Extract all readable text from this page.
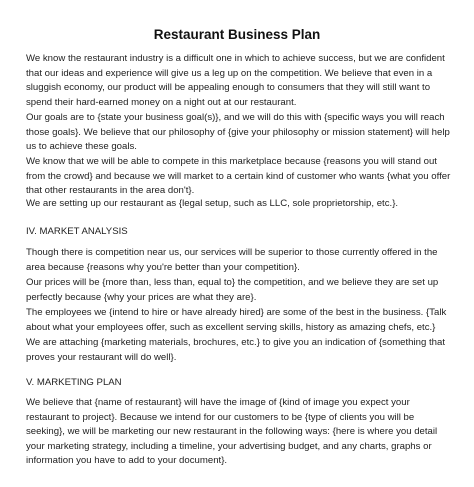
Restaurant Business Plan
We know the restaurant industry is a difficult one in which to achieve success, but we are confident
that our ideas and experience will give us a leg up on the competition. We believe that even in a
sluggish economy, our product will be appealing enough to consumers that they will still want to
spend their hard-earned money on a night out at our restaurant.
Our goals are to {state your business goal(s)}, and we will do this with {specific ways you will reach
those goals}. We believe that our philosophy of {give your philosophy or mission statement} will help
us to achieve these goals.
We know that we will be able to compete in this marketplace because {reasons you will stand out
from the crowd} and because we will market to a certain kind of customer who wants {what you offer
that other restaurants in the area don't}.
We are setting up our restaurant as {legal setup, such as LLC, sole proprietorship, etc.}.
IV. MARKET ANALYSIS
Though there is competition near us, our services will be superior to those currently offered in the
area because {reasons why you're better than your competition}.
Our prices will be {more than, less than, equal to} the competition, and we believe they are set up
perfectly because {why your prices are what they are}.
The employees we {intend to hire or have already hired} are some of the best in the business. {Talk
about what your employees offer, such as excellent serving skills, history as amazing chefs, etc.}
We are attaching {marketing materials, brochures, etc.} to give you an indication of {something that
proves your restaurant will do well}.
V. MARKETING PLAN
We believe that {name of restaurant} will have the image of {kind of image you expect your
restaurant to project}. Because we intend for our customers to be {type of clients you will be
seeking}, we will be marketing our new restaurant in the following ways: {here is where you detail
your marketing strategy, including a timeline, your advertising budget, and any charts, graphs or
information you have to add to your document}.
